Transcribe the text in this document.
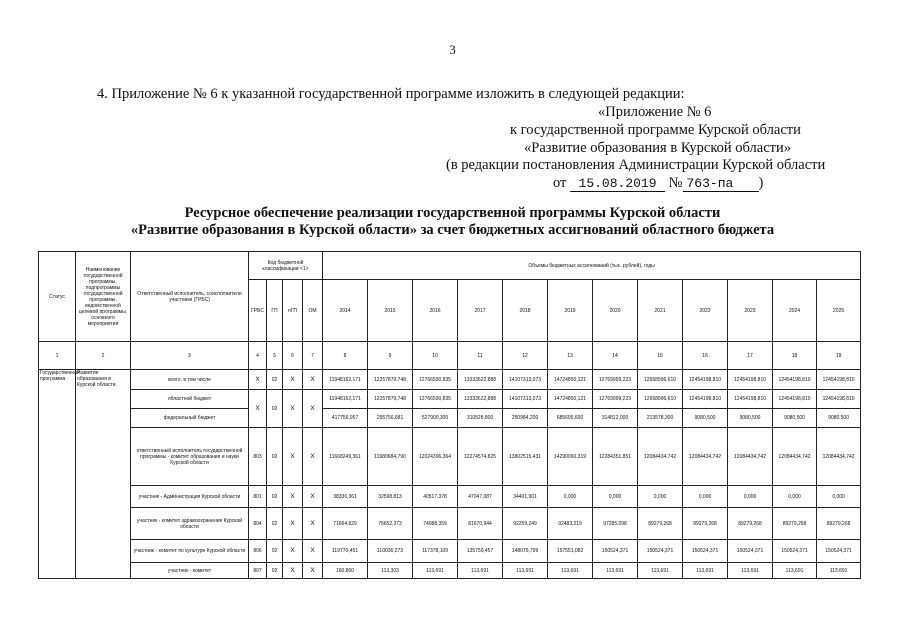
3
4. Приложение № 6 к указанной государственной программе изложить в следующей редакции:
«Приложение № 6
к государственной программе Курской области
«Развитие образования в Курской области»
(в редакции постановления Администрации Курской области
от 15.08.2019 № 763-па )
Ресурсное обеспечение реализации государственной программы Курской области
«Развитие образования в Курской области» за счет бюджетных ассигнований областного бюджета
Статус	Наименование государственной программы, подпрограммы государственной программы, ведомственной целевой программы, основного мероприятия	Ответственный исполнитель, соисполнители участники (ГРБС)	Код бюджетной классификации <1>				Объемы бюджетных ассигнований (тыс. рублей), годы											
			ГРБС	ГП	пГП	ОМ	2014	2015	2016	2017	2018	2019	2020	2021	2022	2023	2024	2025
1	2	3	4	5	6	7	8	9	10	11	12	13	14	15	16	17	18	19
Государственная программа	Развитие образования в Курской области	всего, в том числе	Х	02	Х	Х	11948162,171	12257879,748	12766590,835	13333622,888	14107313,073	14724850,121	12769999,223	12658996,610	12454198,810	12454198,810	12454198,810	12454198,810
		областной бюджет	Х	02	Х	Х	11948162,171	12257879,748	12766590,835	13333622,888	14107313,073	14724850,121	12769999,223	12658996,610	12454198,810	12454198,810	12454198,810	12454198,810
		федеральный бюджет					417756,957	295756,681	527900,300	310528,800	250984,200	685695,600	314812,000	213578,300	9080,500	9080,500	9080,500	9080,500
		ответственный исполнитель государственной программы - комитет образования и науки Курской области	803	02	Х	Х	11668249,361	11980684,790	12024396,364	12274574,825	13802515,431	14290060,319	12284351,851	12084434,742	12084434,742	12084434,742	12084434,742	12084434,742
		участник - Администрация Курской области	801	02	Х	Х	38330,361	32598,813	40517,378	47047,087	34401,901	0,000	0,000	0,000	0,000	0,000	0,000	0,000
		участник - комитет здравоохранения Курской области	804	02	Х	Х	71664,629	75652,373	74088,359	81670,944	92259,249	92483,219	97285,098	89279,268	89279,268	89279,268	89279,268	89279,268
		участник - комитет по культуре Курской области	806	02	Х	Х	119770,451	110036,273	117378,109	135759,457	148075,799	157551,082	150524,371	150524,371	150524,371	150524,371	150524,371	150524,371
		участник - комитет	807	02	Х	Х	160,800	113,303	113,691	113,691	113,691	113,691	113,691	113,691	113,691	113,691	113,691	113,691
